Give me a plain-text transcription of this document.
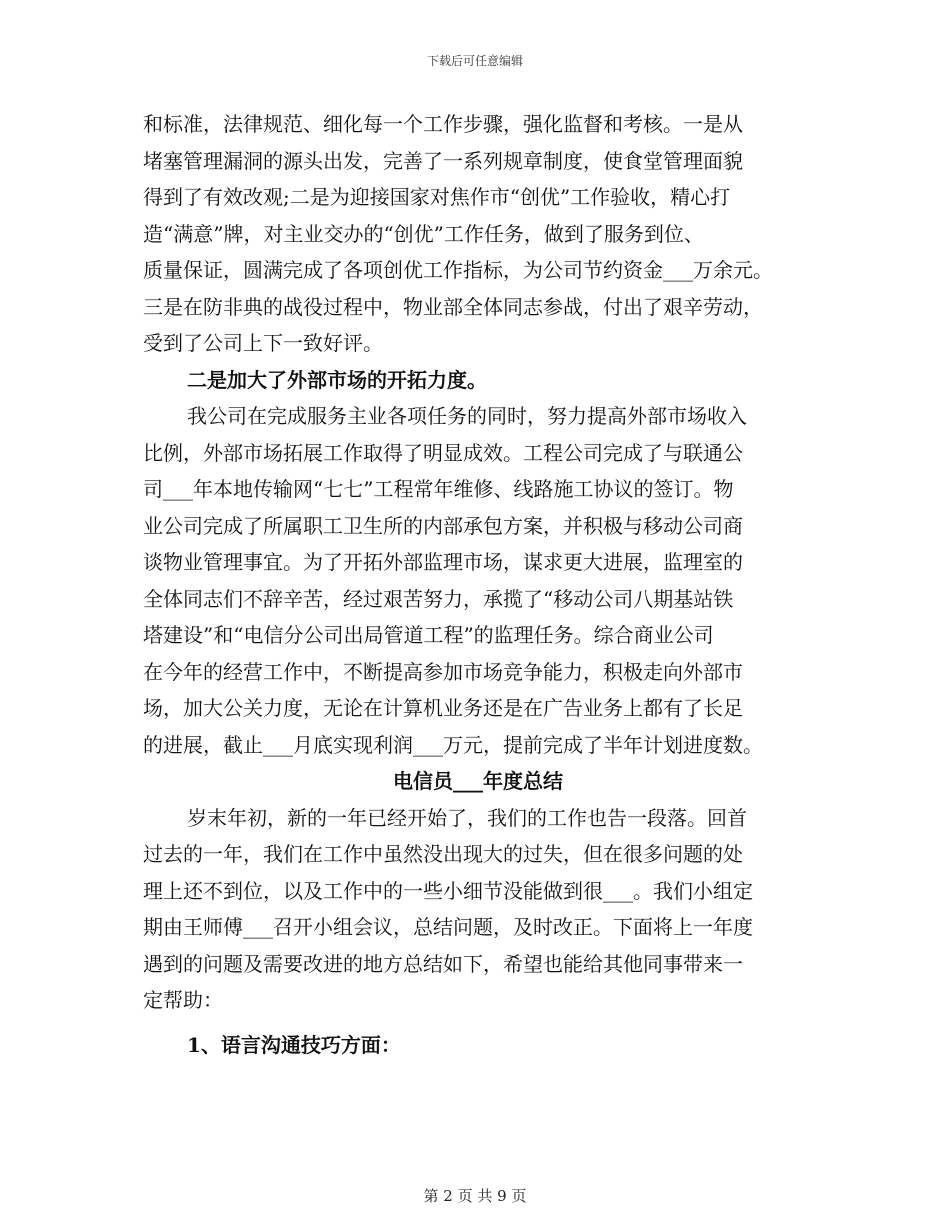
下载后可任意编辑
和标准，法律规范、细化每一个工作步骤，强化监督和考核。一是从
堵塞管理漏洞的源头出发，完善了一系列规章制度，使食堂管理面貌
得到了有效改观;二是为迎接国家对焦作市“创优”工作验收，精心打
造“满意”牌，对主业交办的“创优”工作任务，做到了服务到位、
质量保证，圆满完成了各项创优工作指标，为公司节约资金___万余元。
三是在防非典的战役过程中，物业部全体同志参战，付出了艰辛劳动，
受到了公司上下一致好评。
二是加大了外部市场的开拓力度。
我公司在完成服务主业各项任务的同时，努力提高外部市场收入
比例，外部市场拓展工作取得了明显成效。工程公司完成了与联通公
司___年本地传输网“七七”工程常年维修、线路施工协议的签订。物
业公司完成了所属职工卫生所的内部承包方案，并积极与移动公司商
谈物业管理事宜。为了开拓外部监理市场，谋求更大进展，监理室的
全体同志们不辞辛苦，经过艰苦努力，承揽了“移动公司八期基站铁
塔建设”和“电信分公司出局管道工程”的监理任务。综合商业公司
在今年的经营工作中，不断提高参加市场竞争能力，积极走向外部市
场，加大公关力度，无论在计算机业务还是在广告业务上都有了长足
的进展，截止___月底实现利润___万元，提前完成了半年计划进度数。
电信员___年度总结
岁末年初，新的一年已经开始了，我们的工作也告一段落。回首
过去的一年，我们在工作中虽然没出现大的过失，但在很多问题的处
理上还不到位，以及工作中的一些小细节没能做到很___。我们小组定
期由王师傅___召开小组会议，总结问题，及时改正。下面将上一年度
遇到的问题及需要改进的地方总结如下，希望也能给其他同事带来一
定帮助：
1、语言沟通技巧方面：
第 2 页 共 9 页
